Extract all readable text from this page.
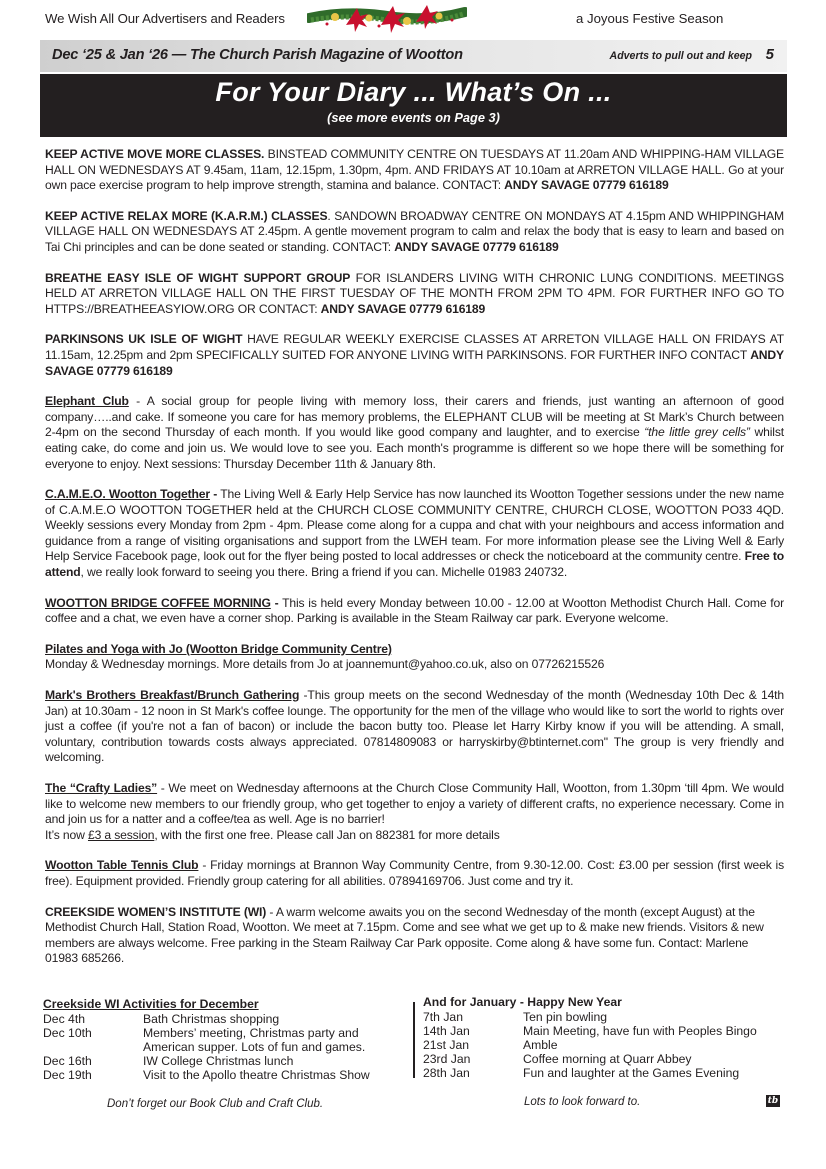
We Wish All Our Advertisers and Readers	a Joyous Festive Season
Dec ‘25 & Jan ‘26 — The Church Parish Magazine of Wootton	Adverts to pull out and keep 5
For Your Diary ... What’s On ...
(see more events on Page 3)

KEEP ACTIVE MOVE MORE CLASSES. BINSTEAD COMMUNITY CENTRE ON TUESDAYS AT 11.20am AND WHIPPING-HAM VILLAGE HALL ON WEDNESDAYS AT 9.45am, 11am, 12.15pm, 1.30pm, 4pm. AND FRIDAYS AT 10.10am at ARRETON VILLAGE HALL. Go at your own pace exercise program to help improve strength, stamina and balance. CONTACT: ANDY SAVAGE 07779 616189

KEEP ACTIVE RELAX MORE (K.A.R.M.) CLASSES. SANDOWN BROADWAY CENTRE ON MONDAYS AT 4.15pm AND WHIPPINGHAM VILLAGE HALL ON WEDNESDAYS AT 2.45pm. A gentle movement program to calm and relax the body that is easy to learn and based on Tai Chi principles and can be done seated or standing. CONTACT: ANDY SAVAGE 07779 616189

BREATHE EASY ISLE OF WIGHT SUPPORT GROUP FOR ISLANDERS LIVING WITH CHRONIC LUNG CONDITIONS. MEETINGS HELD AT ARRETON VILLAGE HALL ON THE FIRST TUESDAY OF THE MONTH FROM 2PM TO 4PM. FOR FURTHER INFO GO TO HTTPS://BREATHEEASYIOW.ORG OR CONTACT: ANDY SAVAGE 07779 616189

PARKINSONS UK ISLE OF WIGHT HAVE REGULAR WEEKLY EXERCISE CLASSES AT ARRETON VILLAGE HALL ON FRIDAYS AT 11.15am, 12.25pm and 2pm SPECIFICALLY SUITED FOR ANYONE LIVING WITH PARKINSONS. FOR FURTHER INFO CONTACT ANDY SAVAGE 07779 616189

Elephant Club - A social group for people living with memory loss, their carers and friends, just wanting an afternoon of good company…..and cake. If someone you care for has memory problems, the ELEPHANT CLUB will be meeting at St Mark’s Church between 2-4pm on the second Thursday of each month. If you would like good company and laughter, and to exercise “the little grey cells” whilst eating cake, do come and join us. We would love to see you. Each month's programme is different so we hope there will be something for everyone to enjoy. Next sessions: Thursday December 11th & January 8th.

C.A.M.E.O. Wootton Together - The Living Well & Early Help Service has now launched its Wootton Together sessions under the new name of C.A.M.E.O WOOTTON TOGETHER held at the CHURCH CLOSE COMMUNITY CENTRE, CHURCH CLOSE, WOOTTON PO33 4QD. Weekly sessions every Monday from 2pm - 4pm. Please come along for a cuppa and chat with your neighbours and access information and guidance from a range of visiting organisations and support from the LWEH team. For more information please see the Living Well & Early Help Service Facebook page, look out for the flyer being posted to local addresses or check the noticeboard at the community centre. Free to attend, we really look forward to seeing you there. Bring a friend if you can. Michelle 01983 240732.

WOOTTON BRIDGE COFFEE MORNING - This is held every Monday between 10.00 - 12.00 at Wootton Methodist Church Hall. Come for coffee and a chat, we even have a corner shop. Parking is available in the Steam Railway car park. Everyone welcome.

Pilates and Yoga with Jo (Wootton Bridge Community Centre)
Monday & Wednesday mornings. More details from Jo at joannemunt@yahoo.co.uk, also on 07726215526

Mark's Brothers Breakfast/Brunch Gathering -This group meets on the second Wednesday of the month (Wednesday 10th Dec & 14th Jan) at 10.30am - 12 noon in St Mark's coffee lounge. The opportunity for the men of the village who would like to sort the world to rights over just a coffee (if you're not a fan of bacon) or include the bacon butty too. Please let Harry Kirby know if you will be attending. A small, voluntary, contribution towards costs always appreciated. 07814809083 or harryskirby@btinternet.com" The group is very friendly and welcoming.

The “Crafty Ladies” - We meet on Wednesday afternoons at the Church Close Community Hall, Wootton, from 1.30pm ‘till 4pm. We would like to welcome new members to our friendly group, who get together to enjoy a variety of different crafts, no experience necessary. Come in and join us for a natter and a coffee/tea as well. Age is no barrier!
It’s now £3 a session, with the first one free. Please call Jan on 882381 for more details

Wootton Table Tennis Club - Friday mornings at Brannon Way Community Centre, from 9.30-12.00. Cost: £3.00 per session (first week is free). Equipment provided. Friendly group catering for all abilities. 07894169706. Just come and try it.

CREEKSIDE WOMEN’S INSTITUTE (WI) - A warm welcome awaits you on the second Wednesday of the month (except August) at the Methodist Church Hall, Station Road, Wootton. We meet at 7.15pm. Come and see what we get up to & make new friends. Visitors & new members are always welcome. Free parking in the Steam Railway Car Park opposite. Come along & have some fun. Contact: Marlene 01983 685266.

Creekside WI Activities for December
Dec 4th	Bath Christmas shopping
Dec 10th	Members’ meeting, Christmas party and American supper. Lots of fun and games.
Dec 16th	IW College Christmas lunch
Dec 19th	Visit to the Apollo theatre Christmas Show
And for January - Happy New Year
7th Jan	Ten pin bowling
14th Jan	Main Meeting, have fun with Peoples Bingo
21st Jan	Amble
23rd Jan	Coffee morning at Quarr Abbey
28th Jan	Fun and laughter at the Games Evening
Don’t forget our Book Club and Craft Club.	Lots to look forward to.	tb
